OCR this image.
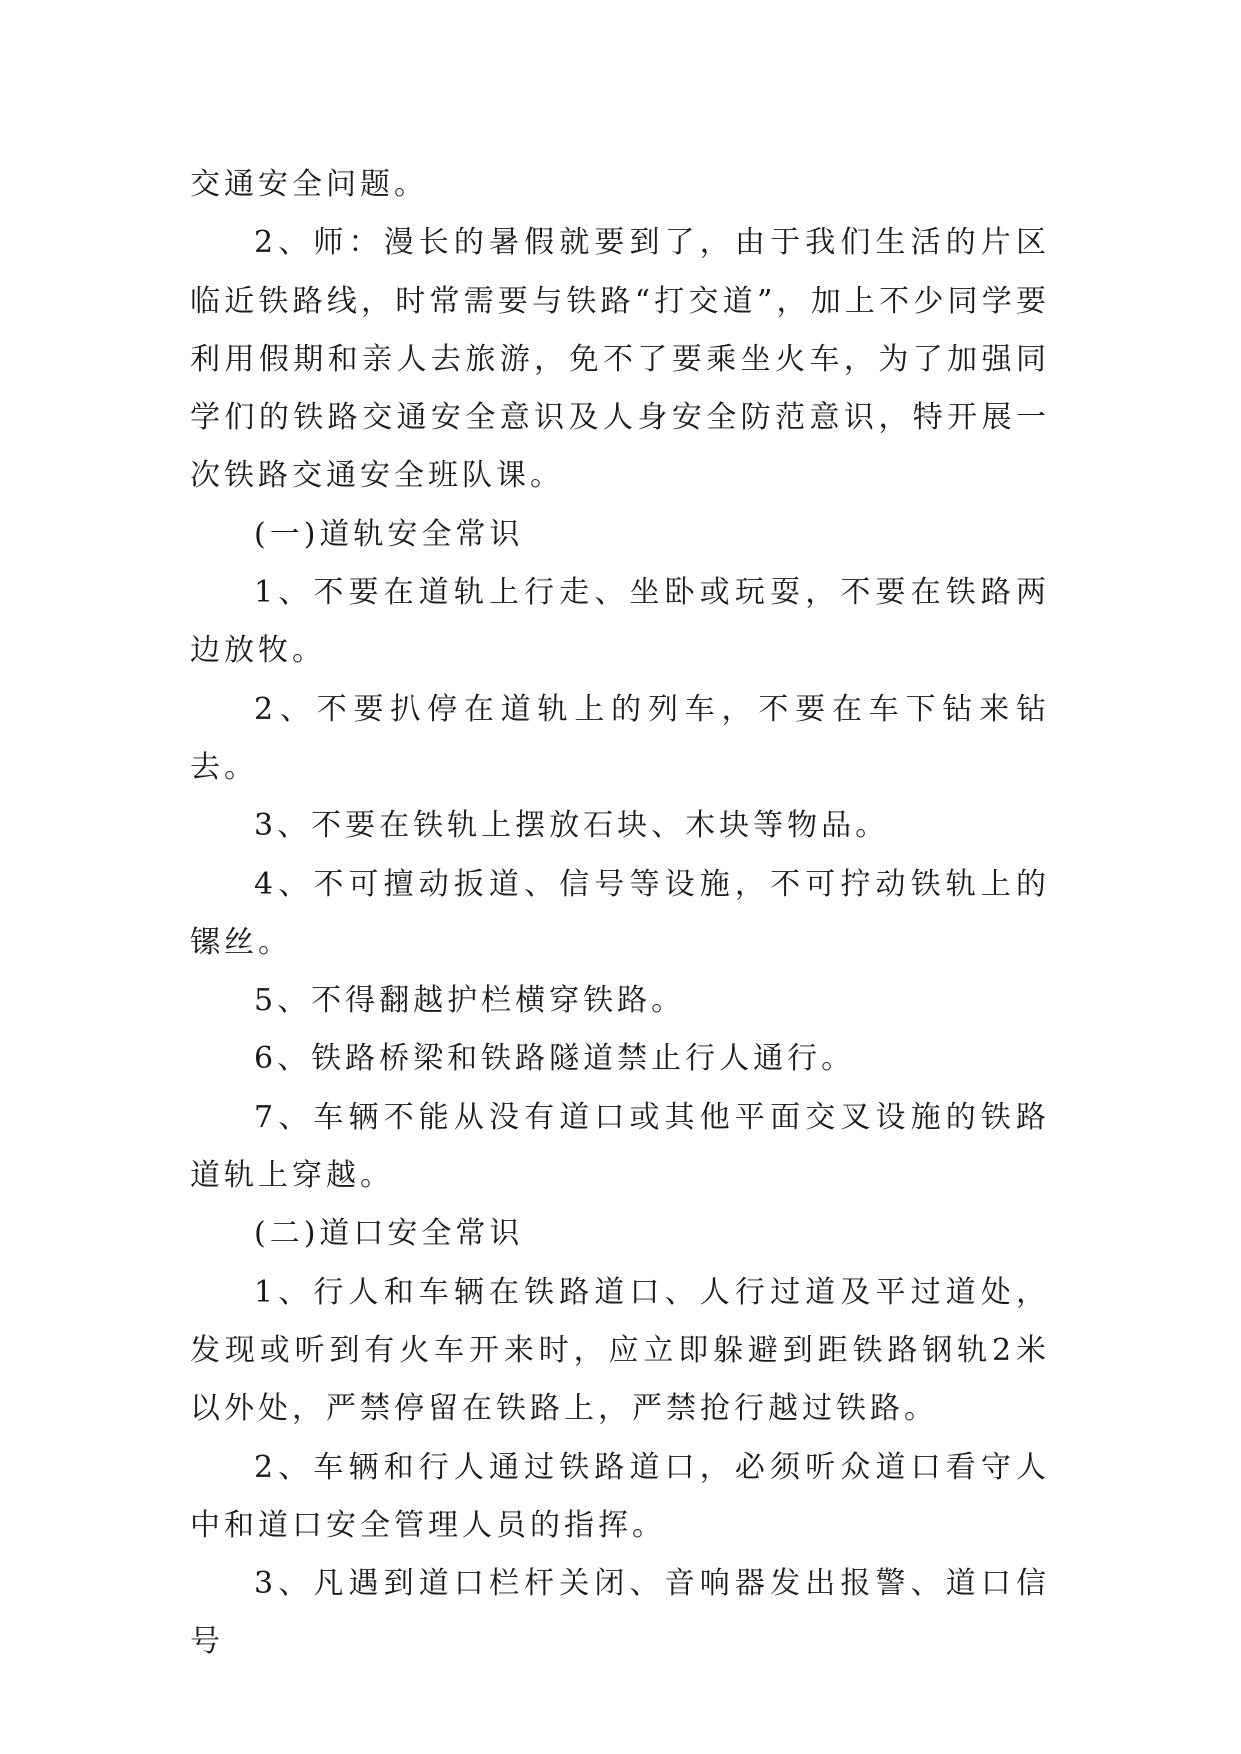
交通安全问题。

2、师：漫长的暑假就要到了，由于我们生活的片区临近铁路线，时常需要与铁路“打交道”，加上不少同学要利用假期和亲人去旅游，免不了要乘坐火车，为了加强同学们的铁路交通安全意识及人身安全防范意识，特开展一次铁路交通安全班队课。

(一)道轨安全常识

1、不要在道轨上行走、坐卧或玩耍，不要在铁路两边放牧。

2、不要扒停在道轨上的列车，不要在车下钻来钻去。

3、不要在铁轨上摆放石块、木块等物品。

4、不可擅动扳道、信号等设施，不可拧动铁轨上的镙丝。

5、不得翻越护栏横穿铁路。

6、铁路桥梁和铁路隧道禁止行人通行。

7、车辆不能从没有道口或其他平面交叉设施的铁路道轨上穿越。

(二)道口安全常识

1、行人和车辆在铁路道口、人行过道及平过道处，发现或听到有火车开来时，应立即躲避到距铁路钢轨2米以外处，严禁停留在铁路上，严禁抢行越过铁路。

2、车辆和行人通过铁路道口，必须听众道口看守人中和道口安全管理人员的指挥。

3、凡遇到道口栏杆关闭、音响器发出报警、道口信号
